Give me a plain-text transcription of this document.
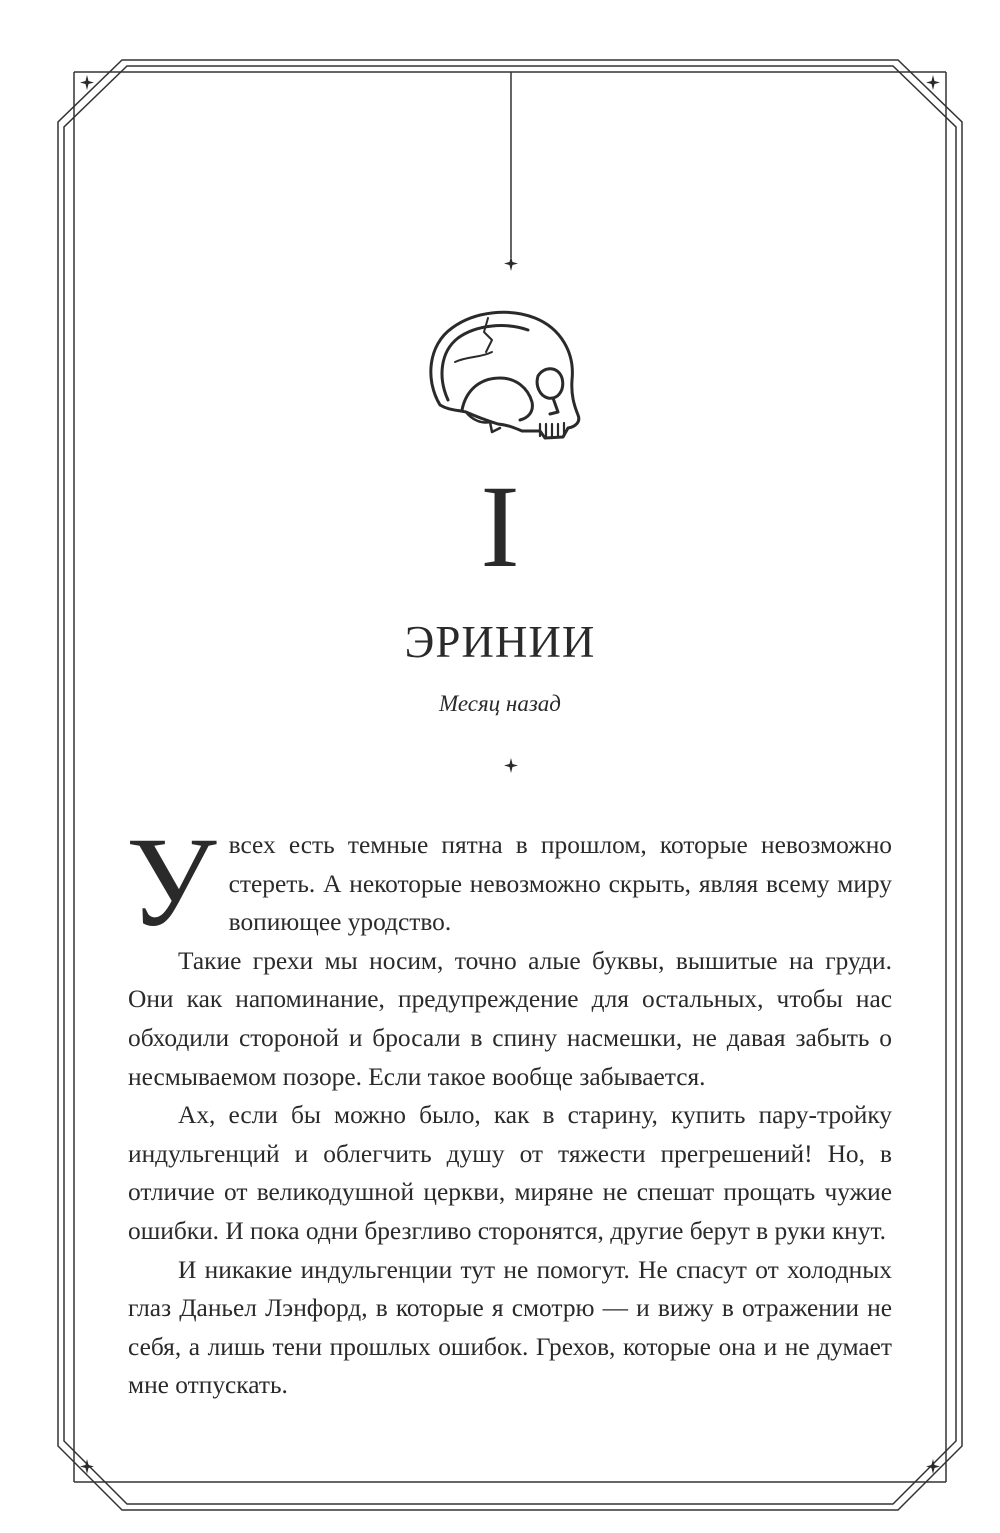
I
ЭРИНИИ
Месяц назад

У всех есть темные пятна в прошлом, которые невозможно стереть. А некоторые невозможно скрыть, являя всему миру вопиющее уродство.

Такие грехи мы носим, точно алые буквы, вышитые на груди. Они как напоминание, предупреждение для остальных, чтобы нас обходили стороной и бросали в спину насмешки, не давая забыть о несмываемом позоре. Если такое вообще забывается.

Ах, если бы можно было, как в старину, купить пару-тройку индульгенций и облегчить душу от тяжести прегрешений! Но, в отличие от великодушной церкви, миряне не спешат прощать чужие ошибки. И пока одни брезгливо сторонятся, другие берут в руки кнут.

И никакие индульгенции тут не помогут. Не спасут от холодных глаз Даньел Лэнфорд, в которые я смотрю — и вижу в отражении не себя, а лишь тени прошлых ошибок. Грехов, которые она и не думает мне отпускать.
